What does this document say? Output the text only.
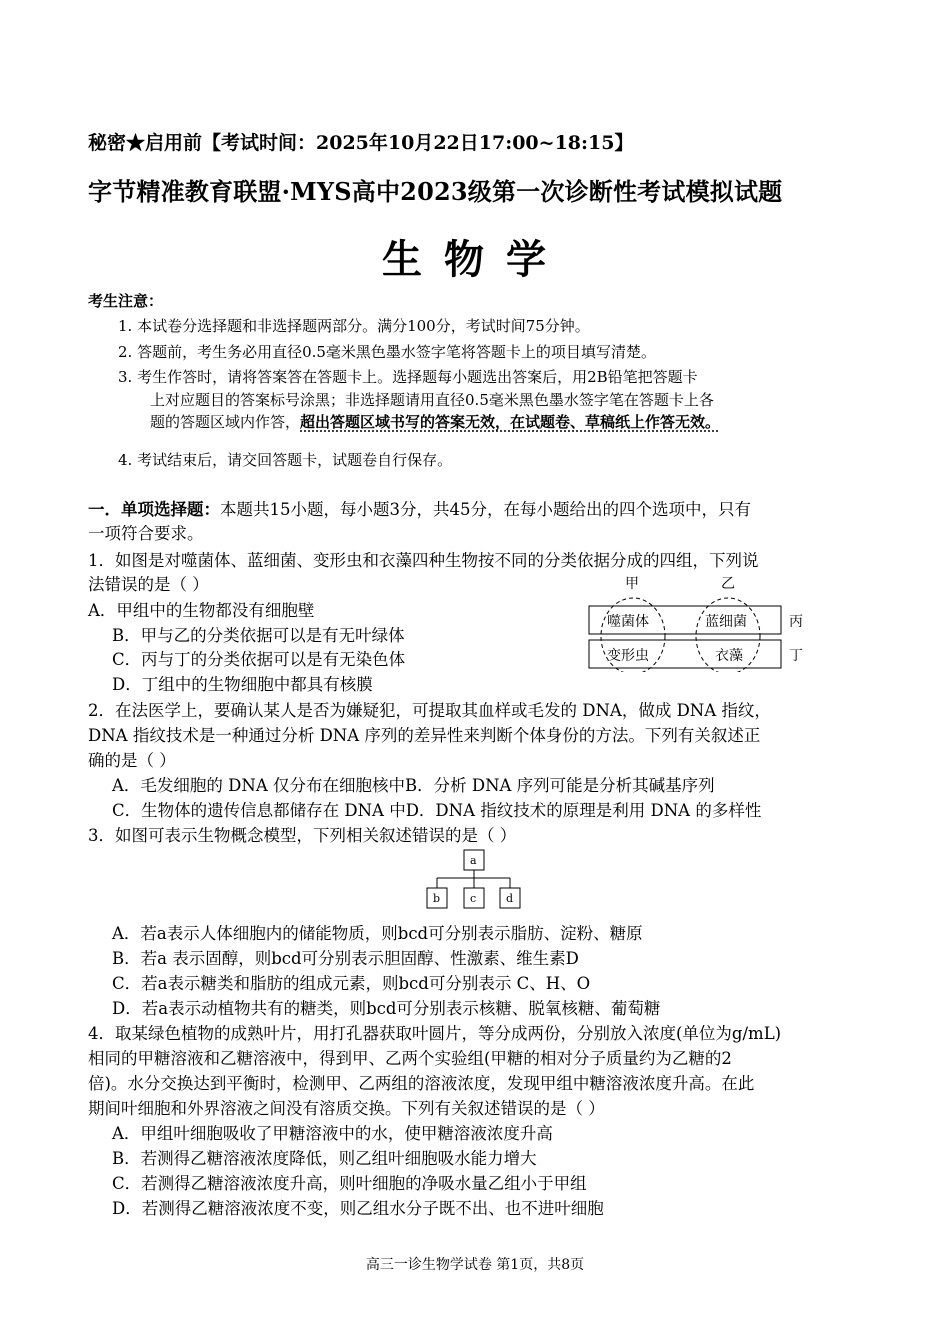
秘密★启用前【考试时间：2025年10月22日17:00~18:15】
字节精准教育联盟·MYS高中2023级第一次诊断性考试模拟试题
生物学
考生注意：
1. 本试卷分选择题和非选择题两部分。满分100分，考试时间75分钟。
2. 答题前，考生务必用直径0.5毫米黑色墨水签字笔将答题卡上的项目填写清楚。
3. 考生作答时，请将答案答在答题卡上。选择题每小题选出答案后，用2B铅笔把答题卡
上对应题目的答案标号涂黑；非选择题请用直径0.5毫米黑色墨水签字笔在答题卡上各
题的答题区域内作答，超出答题区域书写的答案无效，在试题卷、草稿纸上作答无效。
4. 考试结束后，请交回答题卡，试题卷自行保存。
一．单项选择题：本题共15小题，每小题3分，共45分，在每小题给出的四个选项中，只有
一项符合要求。
1．如图是对噬菌体、蓝细菌、变形虫和衣藻四种生物按不同的分类依据分成的四组，下列说
法错误的是（ ）
A．甲组中的生物都没有细胞壁
B．甲与乙的分类依据可以是有无叶绿体
C．丙与丁的分类依据可以是有无染色体
D．丁组中的生物细胞中都具有核膜
甲	乙
丙
丁
噬菌体	蓝细菌
变形虫	衣藻
2．在法医学上，要确认某人是否为嫌疑犯，可提取其血样或毛发的 DNA，做成 DNA 指纹，
DNA 指纹技术是一种通过分析 DNA 序列的差异性来判断个体身份的方法。下列有关叙述正
确的是（ ）
A．毛发细胞的 DNA 仅分布在细胞核中B．分析 DNA 序列可能是分析其碱基序列
C．生物体的遗传信息都储存在 DNA 中D．DNA 指纹技术的原理是利用 DNA 的多样性
3．如图可表示生物概念模型，下列相关叙述错误的是（ ）
a
b	c	d
A．若a表示人体细胞内的储能物质，则bcd可分别表示脂肪、淀粉、糖原
B．若a 表示固醇，则bcd可分别表示胆固醇、性激素、维生素D
C．若a表示糖类和脂肪的组成元素，则bcd可分别表示 C、H、O
D．若a表示动植物共有的糖类，则bcd可分别表示核糖、脱氧核糖、葡萄糖
4．取某绿色植物的成熟叶片，用打孔器获取叶圆片，等分成两份，分别放入浓度(单位为g/mL)
相同的甲糖溶液和乙糖溶液中，得到甲、乙两个实验组(甲糖的相对分子质量约为乙糖的2
倍)。水分交换达到平衡时，检测甲、乙两组的溶液浓度，发现甲组中糖溶液浓度升高。在此
期间叶细胞和外界溶液之间没有溶质交换。下列有关叙述错误的是（ ）
A．甲组叶细胞吸收了甲糖溶液中的水，使甲糖溶液浓度升高
B．若测得乙糖溶液浓度降低，则乙组叶细胞吸水能力增大
C．若测得乙糖溶液浓度升高，则叶细胞的净吸水量乙组小于甲组
D．若测得乙糖溶液浓度不变，则乙组水分子既不出、也不进叶细胞
高三一诊生物学试卷 第1页，共8页
